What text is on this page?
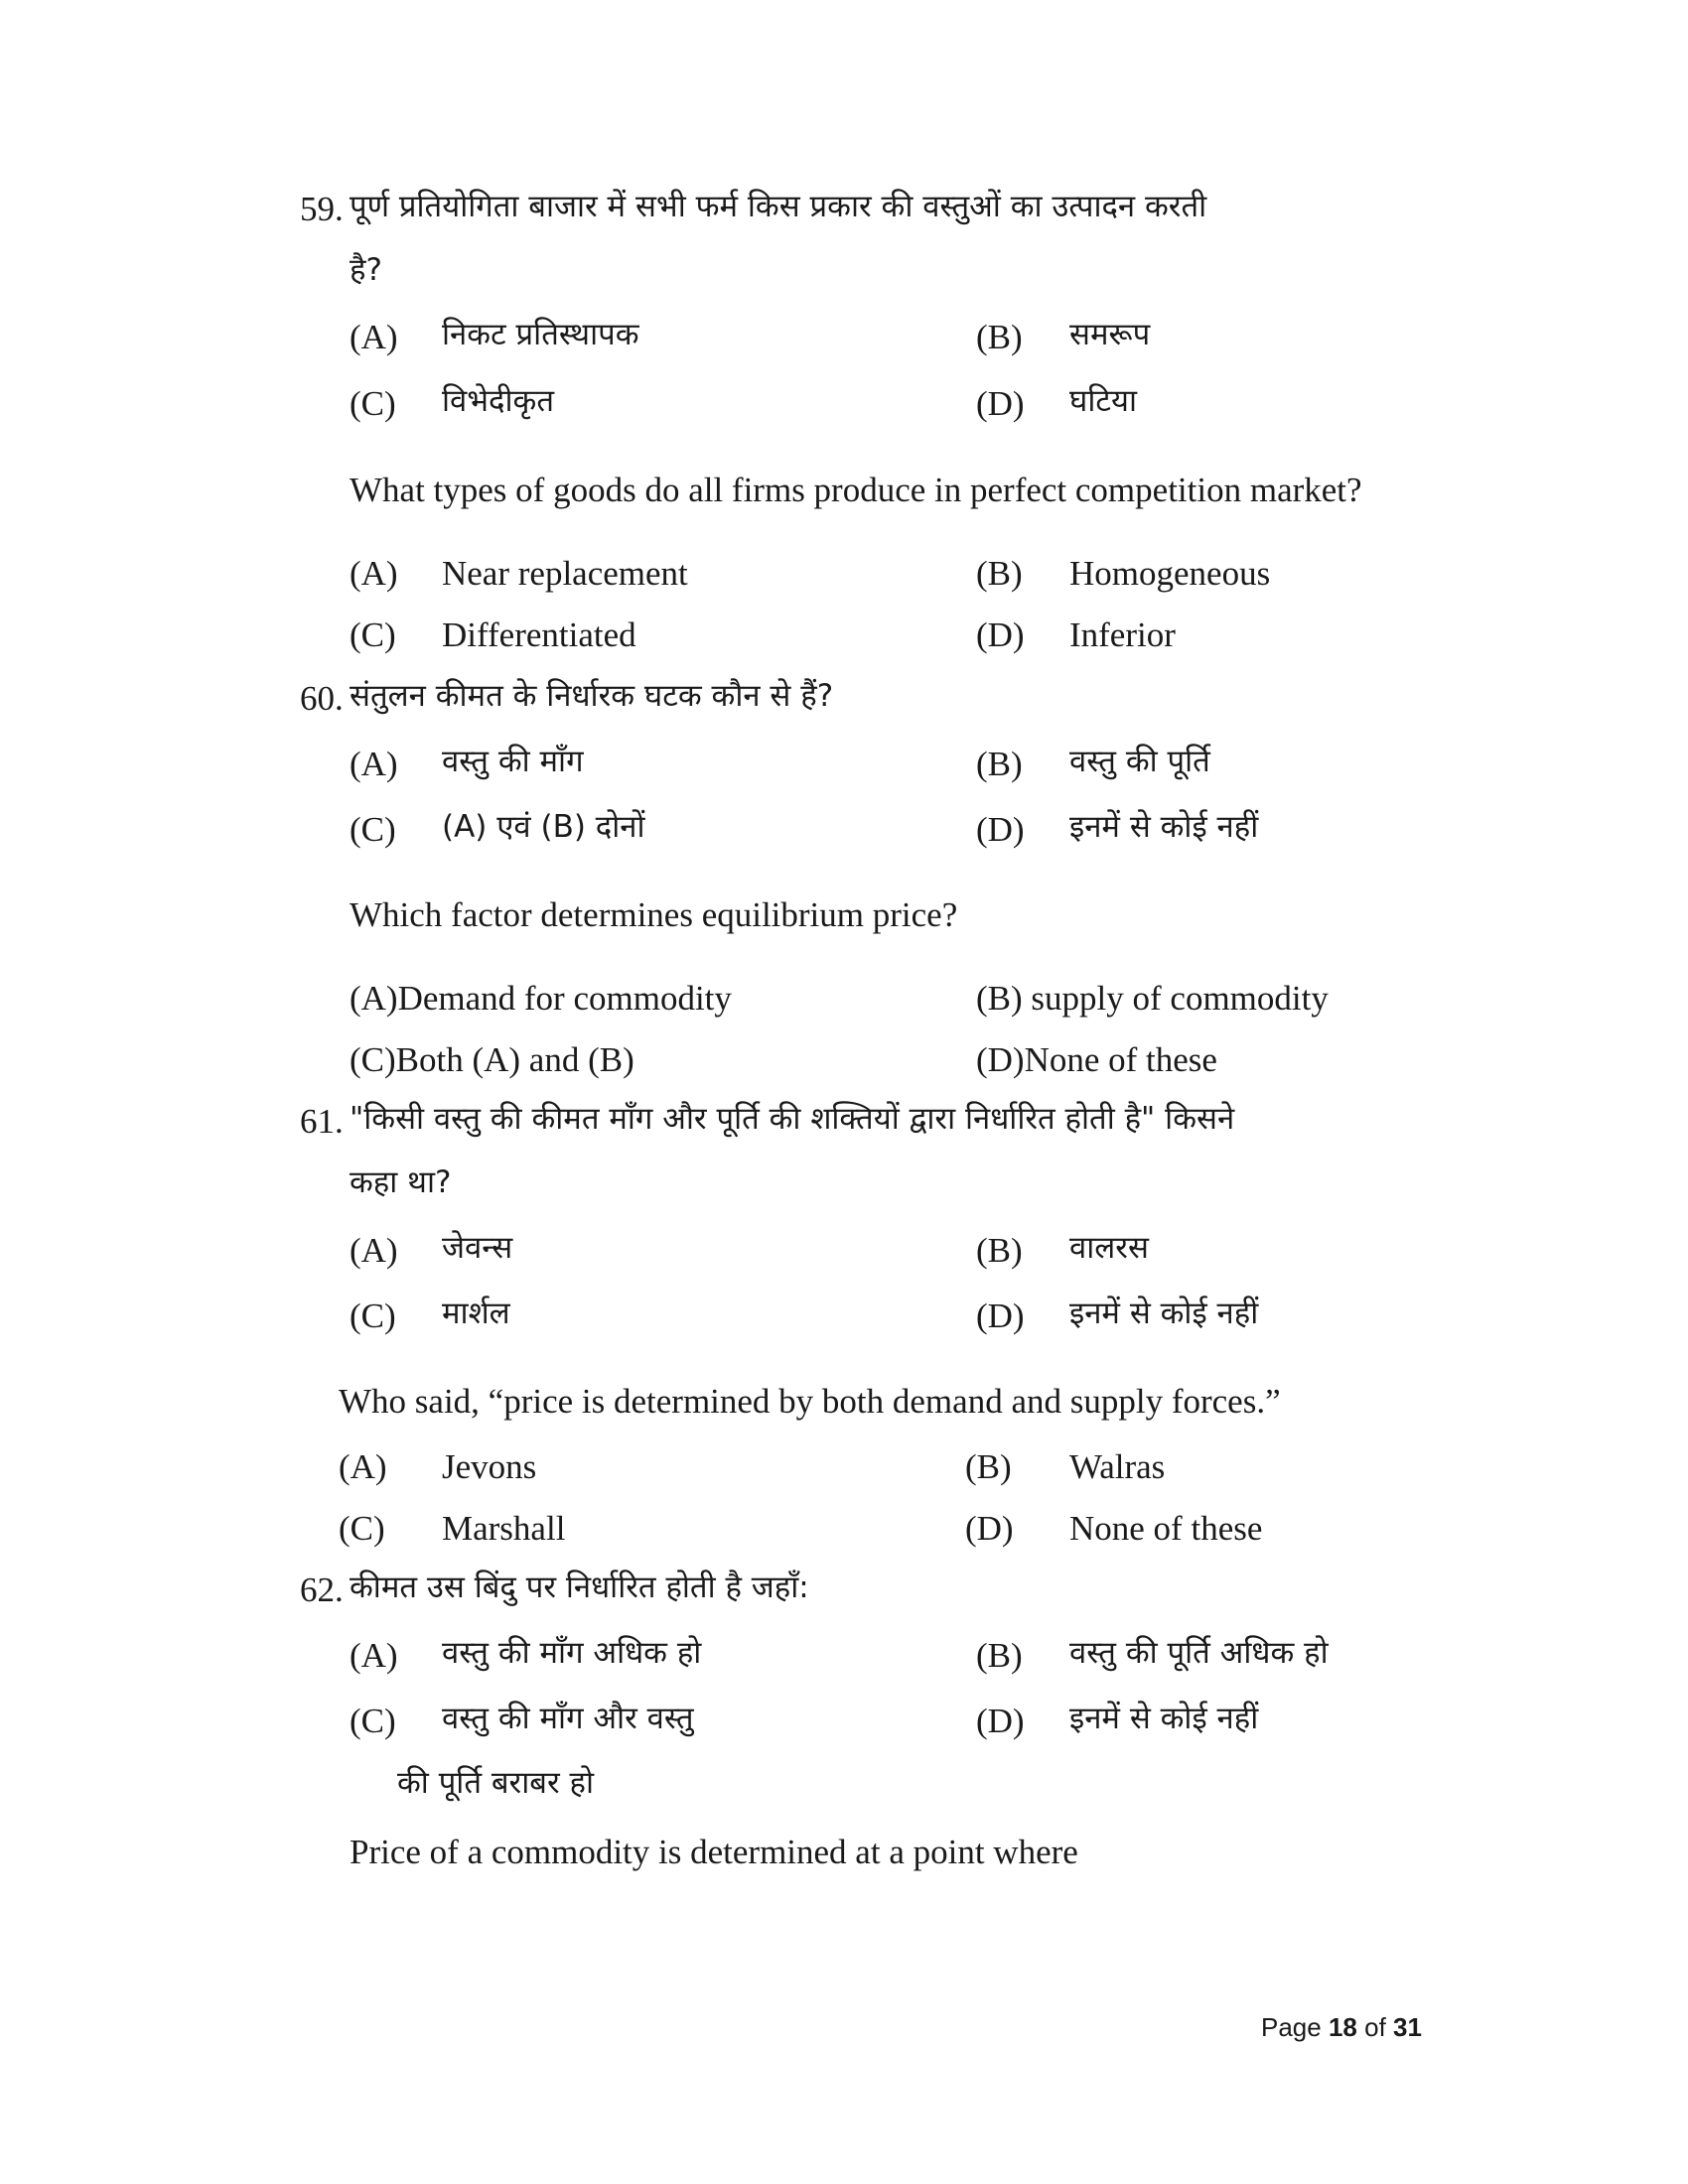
59. पूर्ण प्रतियोगिता बाजार में सभी फर्म किस प्रकार की वस्तुओं का उत्पादन करती
है?
(A) निकट प्रतिस्थापक	(B) समरूप
(C) विभेदीकृत	(D) घटिया
What types of goods do all firms produce in perfect competition market?
(A) Near replacement	(B) Homogeneous
(C) Differentiated	(D) Inferior
60. संतुलन कीमत के निर्धारक घटक कौन से हैं?
(A) वस्तु की माँग	(B) वस्तु की पूर्ति
(C) (A) एवं (B) दोनों	(D) इनमें से कोई नहीं
Which factor determines equilibrium price?
(A)Demand for commodity	(B) supply of commodity
(C)Both (A) and (B)	(D)None of these
61. "किसी वस्तु की कीमत माँग और पूर्ति की शक्तियों द्वारा निर्धारित होती है" किसने
कहा था?
(A) जेवन्स	(B) वालरस
(C) मार्शल	(D) इनमें से कोई नहीं
Who said, “price is determined by both demand and supply forces.”
(A) Jevons	(B) Walras
(C) Marshall	(D) None of these
62. कीमत उस बिंदु पर निर्धारित होती है जहाँ:
(A) वस्तु की माँग अधिक हो	(B) वस्तु की पूर्ति अधिक हो
(C) वस्तु की माँग और वस्तु	(D) इनमें से कोई नहीं
की पूर्ति बराबर हो
Price of a commodity is determined at a point where
Page 18 of 31
